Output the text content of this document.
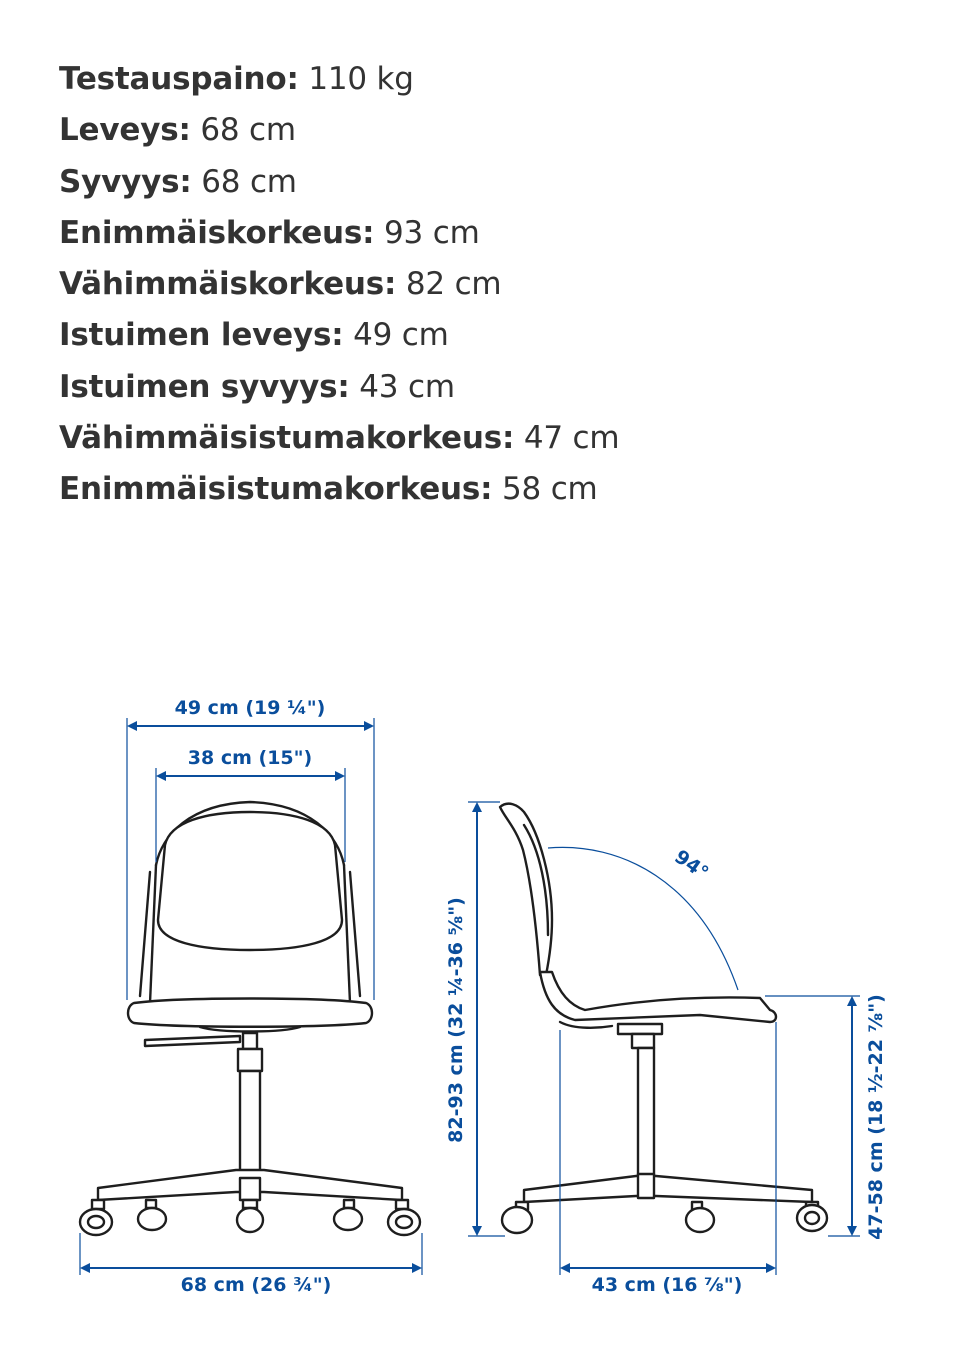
Testauspaino: 110 kg
Leveys: 68 cm
Syvyys: 68 cm
Enimmäiskorkeus: 93 cm
Vähimmäiskorkeus: 82 cm
Istuimen leveys: 49 cm
Istuimen syvyys: 43 cm
Vähimmäisistumakorkeus: 47 cm
Enimmäisistumakorkeus: 58 cm
49 cm (19 ¼")
38 cm (15")
68 cm (26 ¾")
94°
82-93 cm (32 ¼-36 ⅝")	47-58 cm (18 ½-22 ⅞")
43 cm (16 ⅞")
